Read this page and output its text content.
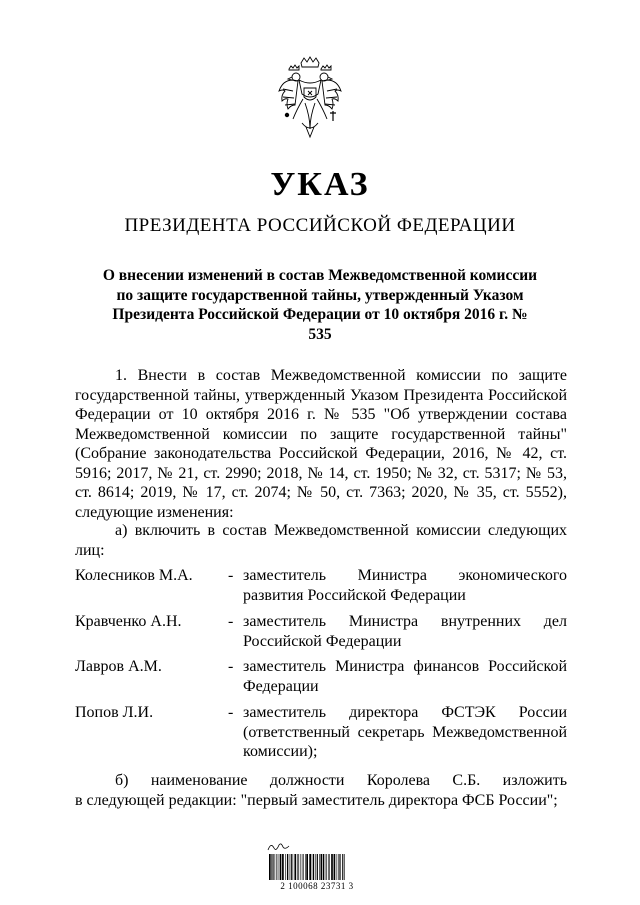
УКАЗ
ПРЕЗИДЕНТА РОССИЙСКОЙ ФЕДЕРАЦИИ
О внесении изменений в состав Межведомственной комиссии по защите государственной тайны, утвержденный Указом Президента Российской Федерации от 10 октября 2016 г. № 535
1. Внести в состав Межведомственной комиссии по защите государственной тайны, утвержденный Указом Президента Российской Федерации от 10 октября 2016 г. № 535 "Об утверждении состава Межведомственной комиссии по защите государственной тайны" (Собрание законодательства Российской Федерации, 2016, № 42, ст. 5916; 2017, № 21, ст. 2990; 2018, № 14, ст. 1950; № 32, ст. 5317; № 53, ст. 8614; 2019, № 17, ст. 2074; № 50, ст. 7363; 2020, № 35, ст. 5552), следующие изменения:
а) включить в состав Межведомственной комиссии следующих лиц:
Колесников М.А.	- заместитель Министра экономического развития Российской Федерации
Кравченко А.Н.	- заместитель Министра внутренних дел Российской Федерации
Лавров А.М.	- заместитель Министра финансов Российской Федерации
Попов Л.И.	- заместитель директора ФСТЭК России (ответственный секретарь Межведомственной комиссии);
б) наименование должности Королева С.Б. изложить
в следующей редакции: "первый заместитель директора ФСБ России";
2 100068 23731 3
